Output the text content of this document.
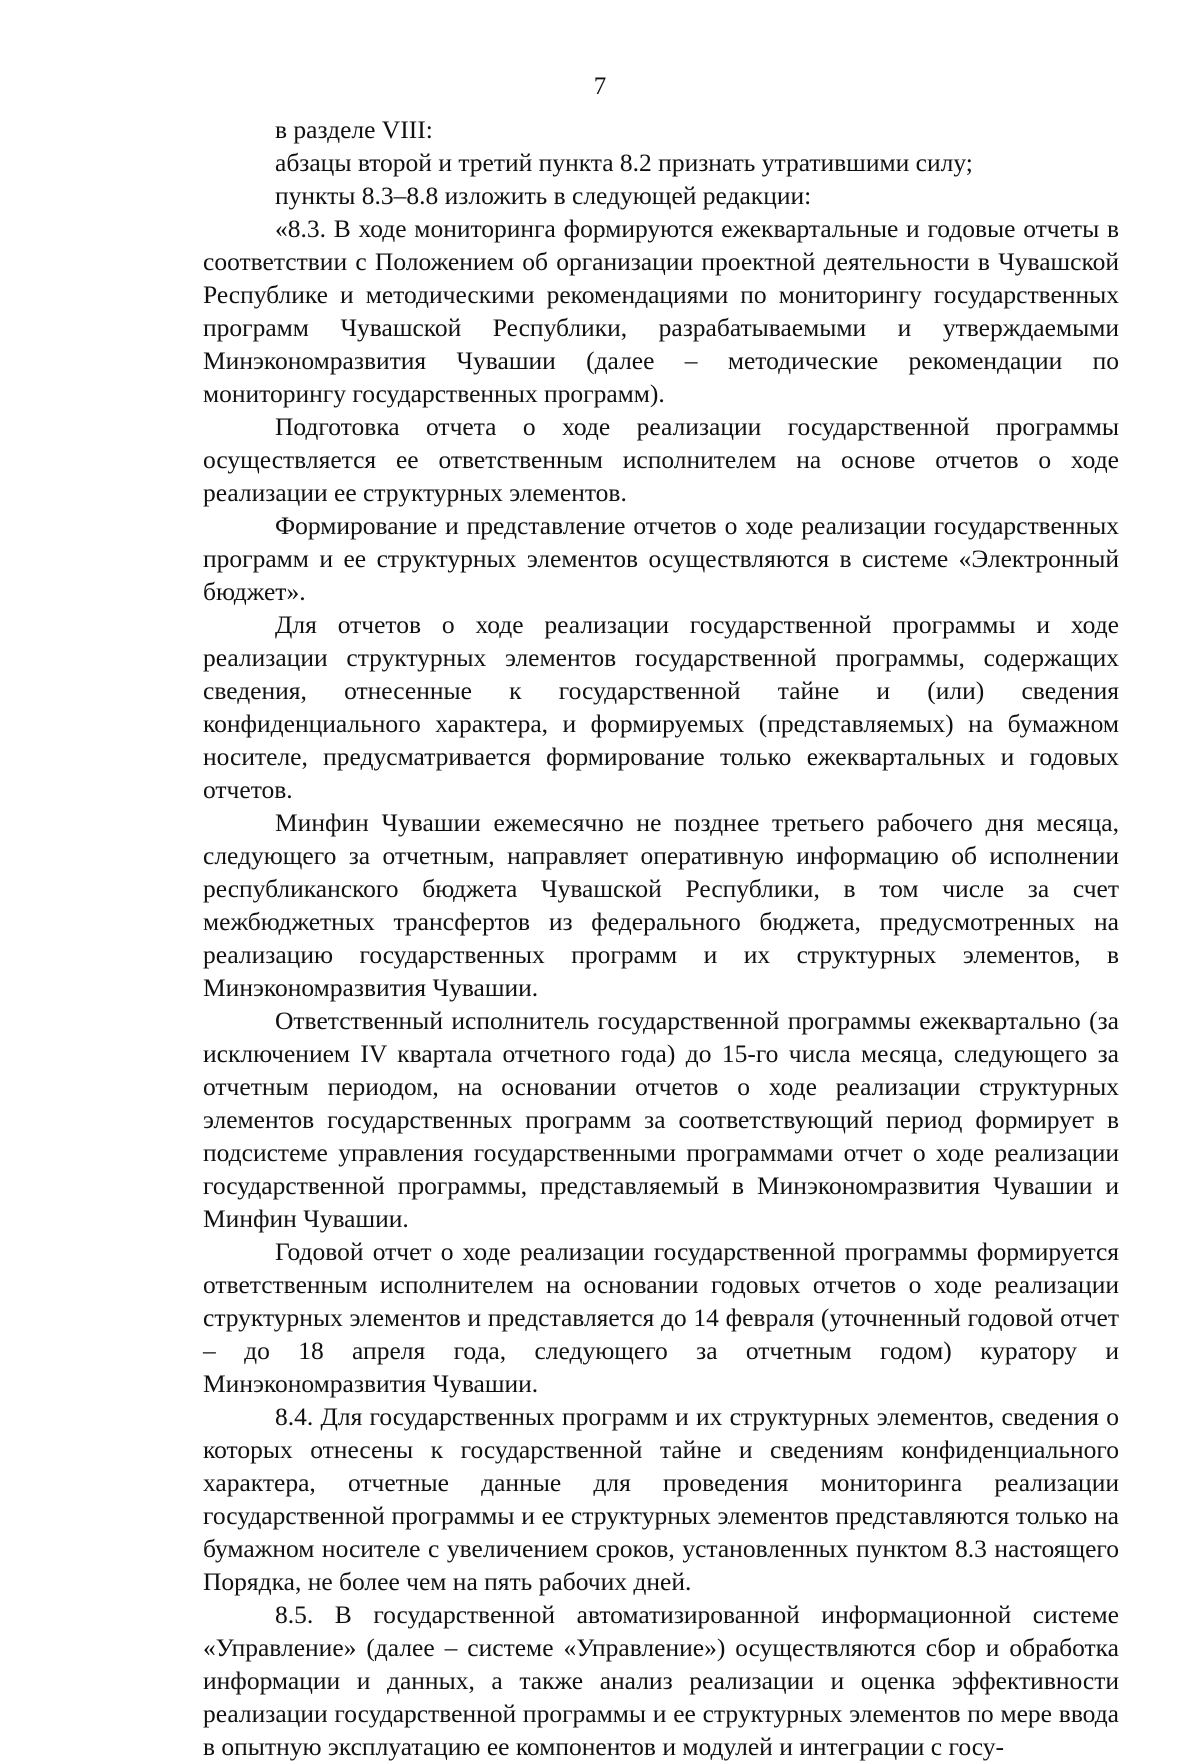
7

в разделе VIII:

абзацы второй и третий пункта 8.2 признать утратившими силу;

пункты 8.3–8.8 изложить в следующей редакции:

«8.3. В ходе мониторинга формируются ежеквартальные и годовые отчеты в соответствии с Положением об организации проектной деятельности в Чувашской Республике и методическими рекомендациями по мониторингу государственных программ Чувашской Республики, разрабатываемыми и утверждаемыми Минэкономразвития Чувашии (далее – методические рекомендации по мониторингу государственных программ).

Подготовка отчета о ходе реализации государственной программы осуществляется ее ответственным исполнителем на основе отчетов о ходе реализации ее структурных элементов.

Формирование и представление отчетов о ходе реализации государственных программ и ее структурных элементов осуществляются в системе «Электронный бюджет».

Для отчетов о ходе реализации государственной программы и ходе реализации структурных элементов государственной программы, содержащих сведения, отнесенные к государственной тайне и (или) сведения конфиденциального характера, и формируемых (представляемых) на бумажном носителе, предусматривается формирование только ежеквартальных и годовых отчетов.

Минфин Чувашии ежемесячно не позднее третьего рабочего дня месяца, следующего за отчетным, направляет оперативную информацию об исполнении республиканского бюджета Чувашской Республики, в том числе за счет межбюджетных трансфертов из федерального бюджета, предусмотренных на реализацию государственных программ и их структурных элементов, в Минэкономразвития Чувашии.

Ответственный исполнитель государственной программы ежеквартально (за исключением IV квартала отчетного года) до 15-го числа месяца, следующего за отчетным периодом, на основании отчетов о ходе реализации структурных элементов государственных программ за соответствующий период формирует в подсистеме управления государственными программами отчет о ходе реализации государственной программы, представляемый в Минэкономразвития Чувашии и Минфин Чувашии.

Годовой отчет о ходе реализации государственной программы формируется ответственным исполнителем на основании годовых отчетов о ходе реализации структурных элементов и представляется до 14 февраля (уточненный годовой отчет – до 18 апреля года, следующего за отчетным годом) куратору и Минэкономразвития Чувашии.

8.4. Для государственных программ и их структурных элементов, сведения о которых отнесены к государственной тайне и сведениям конфиденциального характера, отчетные данные для проведения мониторинга реализации государственной программы и ее структурных элементов представляются только на бумажном носителе с увеличением сроков, установленных пунктом 8.3 настоящего Порядка, не более чем на пять рабочих дней.

8.5. В государственной автоматизированной информационной системе «Управление» (далее – системе «Управление») осуществляются сбор и обработка информации и данных, а также анализ реализации и оценка эффективности реализации государственной программы и ее структурных элементов по мере ввода в опытную эксплуатацию ее компонентов и модулей и интеграции с госу-
